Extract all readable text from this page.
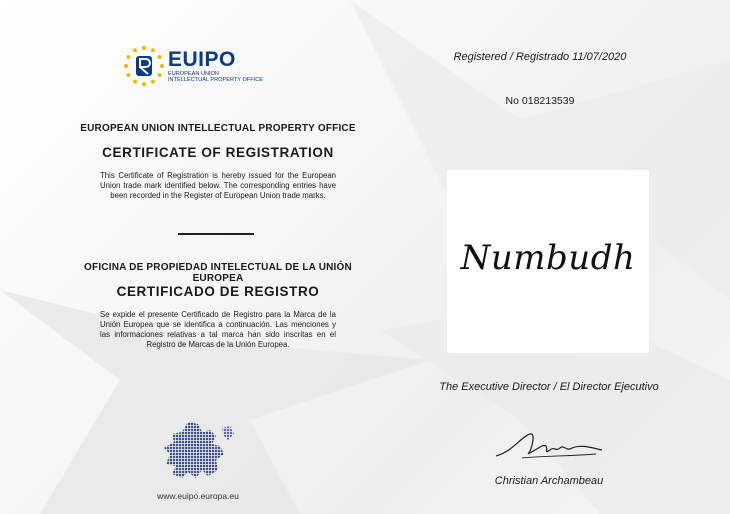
EUIPO
EUROPEAN UNION
INTELLECTUAL PROPERTY OFFICE
EUROPEAN UNION INTELLECTUAL PROPERTY OFFICE
CERTIFICATE OF REGISTRATION
This Certificate of Registration is hereby issued for the European Union trade mark identified below. The corresponding entries have been recorded in the Register of European Union trade marks.
OFICINA DE PROPIEDAD INTELECTUAL DE LA UNIÓN EUROPEA
CERTIFICADO DE REGISTRO
Se expide el presente Certificado de Registro para la Marca de la Unión Europea que se identifica a continuación. Las menciones y las informaciones relativas a tal marca han sido inscritas en el Registro de Marcas de la Unión Europea.
www.euipo.europa.eu
Registered / Registrado 11/07/2020
No 018213539
Numbudh
The Executive Director / El Director Ejecutivo
Christian Archambeau
